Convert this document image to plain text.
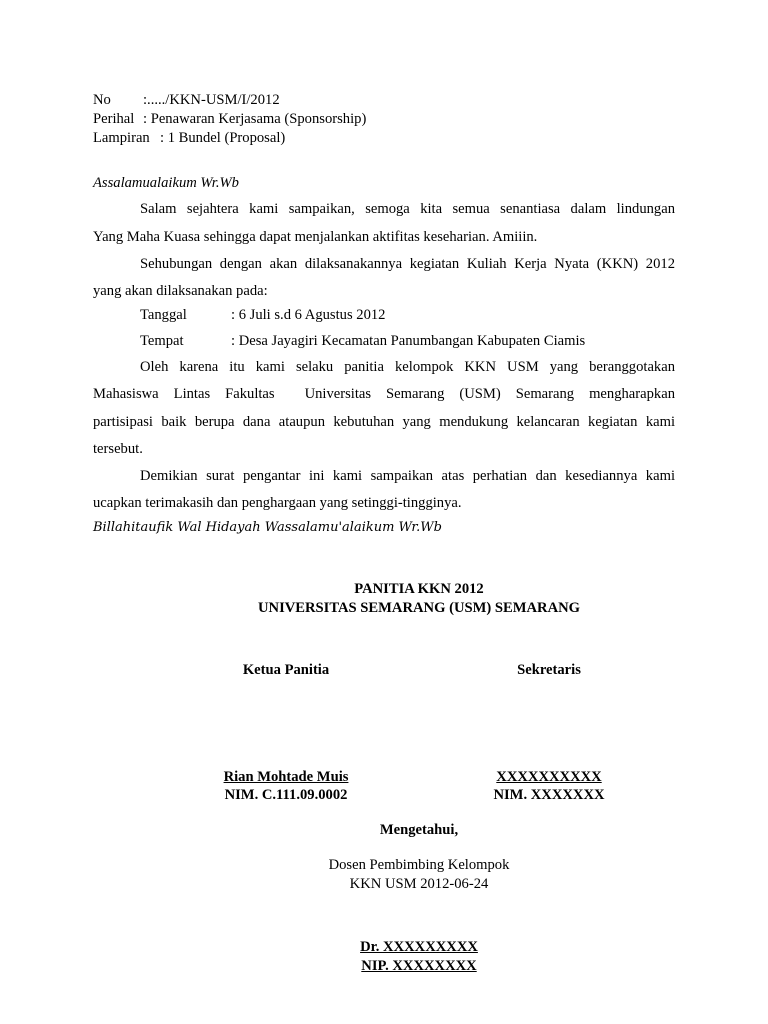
No :...../KKN-USM/I/2012
Perihal : Penawaran Kerjasama (Sponsorship)
Lampiran : 1 Bundel (Proposal)
Assalamualaikum Wr.Wb
Salam sejahtera kami sampaikan, semoga kita semua senantiasa dalam lindungan
Yang Maha Kuasa sehingga dapat menjalankan aktifitas keseharian. Amiiin.
Sehubungan dengan akan dilaksanakannya kegiatan Kuliah Kerja Nyata (KKN) 2012
yang akan dilaksanakan pada:
Tanggal	: 6 Juli s.d 6 Agustus 2012
Tempat	: Desa Jayagiri Kecamatan Panumbangan Kabupaten Ciamis
Oleh karena itu kami selaku panitia kelompok KKN USM yang beranggotakan
Mahasiswa Lintas Fakultas  Universitas Semarang (USM) Semarang mengharapkan
partisipasi baik berupa dana ataupun kebutuhan yang mendukung kelancaran kegiatan kami
tersebut.
Demikian surat pengantar ini kami sampaikan atas perhatian dan kesediannya kami
ucapkan terimakasih dan penghargaan yang setinggi-tingginya.
Billahitaufik Wal Hidayah Wassalamu'alaikum Wr.Wb
PANITIA KKN 2012
UNIVERSITAS SEMARANG (USM) SEMARANG
Ketua Panitia	Sekretaris
Rian Mohtade Muis
NIM. C.111.09.0002
XXXXXXXXXX
NIM. XXXXXXX
Mengetahui,
Dosen Pembimbing Kelompok
KKN USM 2012-06-24
Dr. XXXXXXXXX
NIP. XXXXXXXX
